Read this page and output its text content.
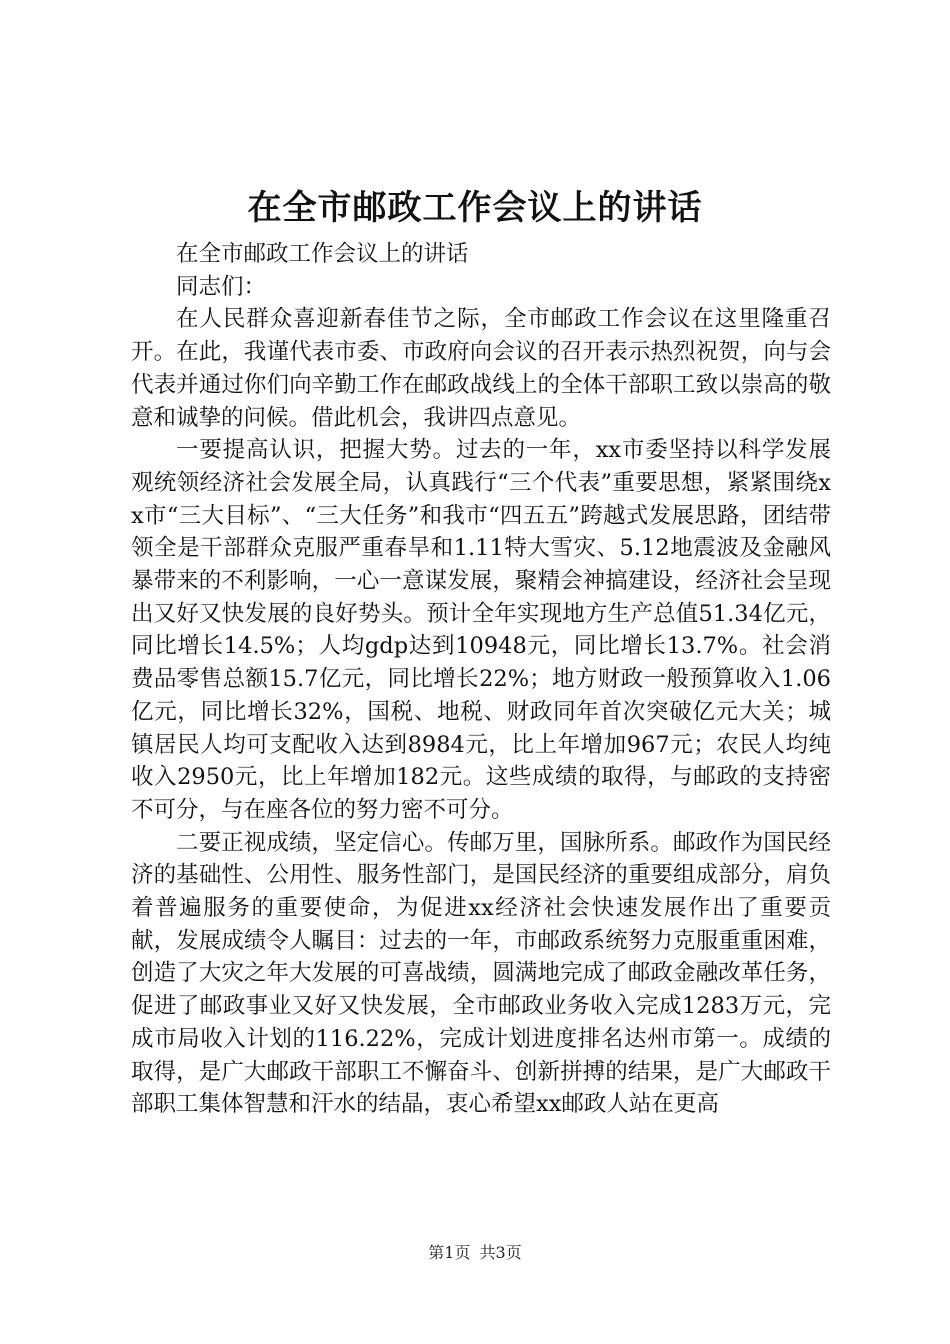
在全市邮政工作会议上的讲话

在全市邮政工作会议上的讲话

同志们：

在人民群众喜迎新春佳节之际，全市邮政工作会议在这里隆重召开。在此，我谨代表市委、市政府向会议的召开表示热烈祝贺，向与会代表并通过你们向辛勤工作在邮政战线上的全体干部职工致以崇高的敬意和诚挚的问候。借此机会，我讲四点意见。

一要提高认识，把握大势。过去的一年，xx市委坚持以科学发展观统领经济社会发展全局，认真践行“三个代表”重要思想，紧紧围绕xx市“三大目标”、“三大任务”和我市“四五五”跨越式发展思路，团结带领全是干部群众克服严重春旱和1.11特大雪灾、5.12地震波及金融风暴带来的不利影响，一心一意谋发展，聚精会神搞建设，经济社会呈现出又好又快发展的良好势头。预计全年实现地方生产总值51.34亿元，同比增长14.5%；人均gdp达到10948元，同比增长13.7%。社会消费品零售总额15.7亿元，同比增长22%；地方财政一般预算收入1.06亿元，同比增长32%，国税、地税、财政同年首次突破亿元大关；城镇居民人均可支配收入达到8984元，比上年增加967元；农民人均纯收入2950元，比上年增加182元。这些成绩的取得，与邮政的支持密不可分，与在座各位的努力密不可分。

二要正视成绩，坚定信心。传邮万里，国脉所系。邮政作为国民经济的基础性、公用性、服务性部门，是国民经济的重要组成部分，肩负着普遍服务的重要使命，为促进xx经济社会快速发展作出了重要贡献，发展成绩令人瞩目：过去的一年，市邮政系统努力克服重重困难，创造了大灾之年大发展的可喜战绩，圆满地完成了邮政金融改革任务，促进了邮政事业又好又快发展，全市邮政业务收入完成1283万元，完成市局收入计划的116.22%，完成计划进度排名达州市第一。成绩的取得，是广大邮政干部职工不懈奋斗、创新拼搏的结果，是广大邮政干部职工集体智慧和汗水的结晶，衷心希望xx邮政人站在更高

第1页 共3页
